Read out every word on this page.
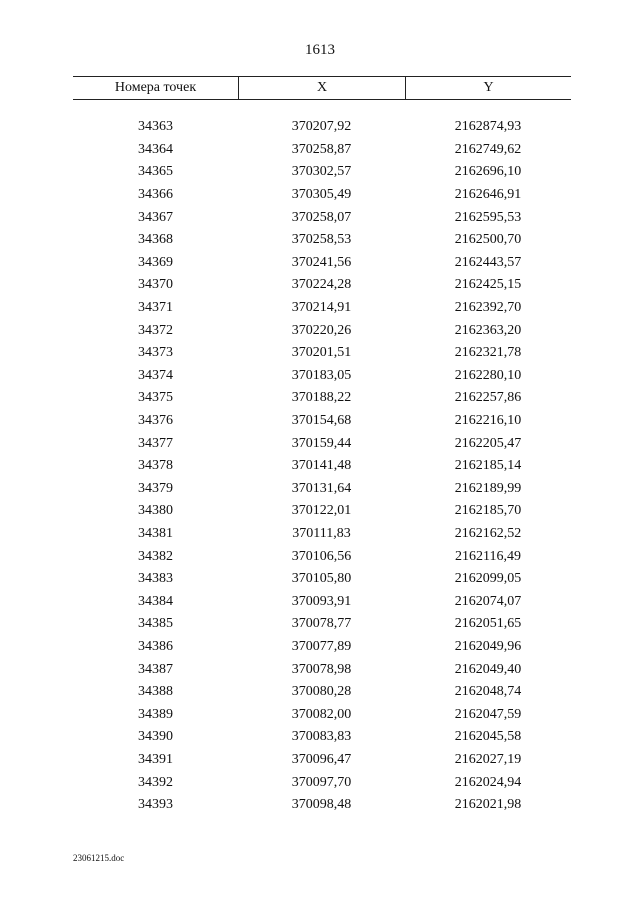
1613
Номера точек	X	Y
34363	370207,92	2162874,93
34364	370258,87	2162749,62
34365	370302,57	2162696,10
34366	370305,49	2162646,91
34367	370258,07	2162595,53
34368	370258,53	2162500,70
34369	370241,56	2162443,57
34370	370224,28	2162425,15
34371	370214,91	2162392,70
34372	370220,26	2162363,20
34373	370201,51	2162321,78
34374	370183,05	2162280,10
34375	370188,22	2162257,86
34376	370154,68	2162216,10
34377	370159,44	2162205,47
34378	370141,48	2162185,14
34379	370131,64	2162189,99
34380	370122,01	2162185,70
34381	370111,83	2162162,52
34382	370106,56	2162116,49
34383	370105,80	2162099,05
34384	370093,91	2162074,07
34385	370078,77	2162051,65
34386	370077,89	2162049,96
34387	370078,98	2162049,40
34388	370080,28	2162048,74
34389	370082,00	2162047,59
34390	370083,83	2162045,58
34391	370096,47	2162027,19
34392	370097,70	2162024,94
34393	370098,48	2162021,98
23061215.doc
